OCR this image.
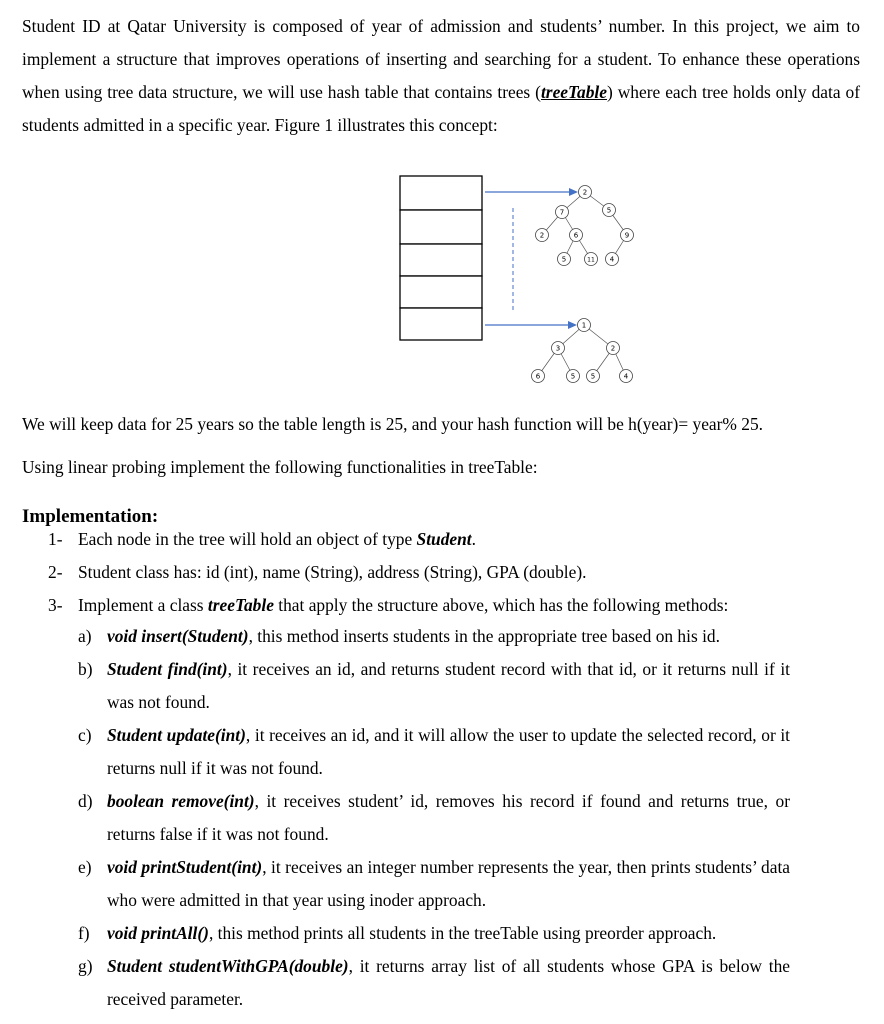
Student ID at Qatar University is composed of year of admission and students’ number. In this project, we aim to implement a structure that improves operations of inserting and searching for a student. To enhance these operations when using tree data structure, we will use hash table that contains trees (treeTable) where each tree holds only data of students admitted in a specific year. Figure 1 illustrates this concept:

2
7	5
2	6	9
5	11 4
1
3	2
6	5 5	4
We will keep data for 25 years so the table length is 25, and your hash function will be h(year)= year% 25.
Using linear probing implement the following functionalities in treeTable:
Implementation:
1- Each node in the tree will hold an object of type Student.
2- Student class has: id (int), name (String), address (String), GPA (double).
3- Implement a class treeTable that apply the structure above, which has the following methods:
a) void insert(Student), this method inserts students in the appropriate tree based on his id.
b) Student find(int), it receives an id, and returns student record with that id, or it returns null if it was not found.
c) Student update(int), it receives an id, and it will allow the user to update the selected record, or it returns null if it was not found.
d) boolean remove(int), it receives student’ id, removes his record if found and returns true, or returns false if it was not found.
e) void printStudent(int), it receives an integer number represents the year, then prints students’ data who were admitted in that year using inoder approach.
f) void printAll(), this method prints all students in the treeTable using preorder approach.
g) Student studentWithGPA(double), it returns array list of all students whose GPA is below the received parameter.
